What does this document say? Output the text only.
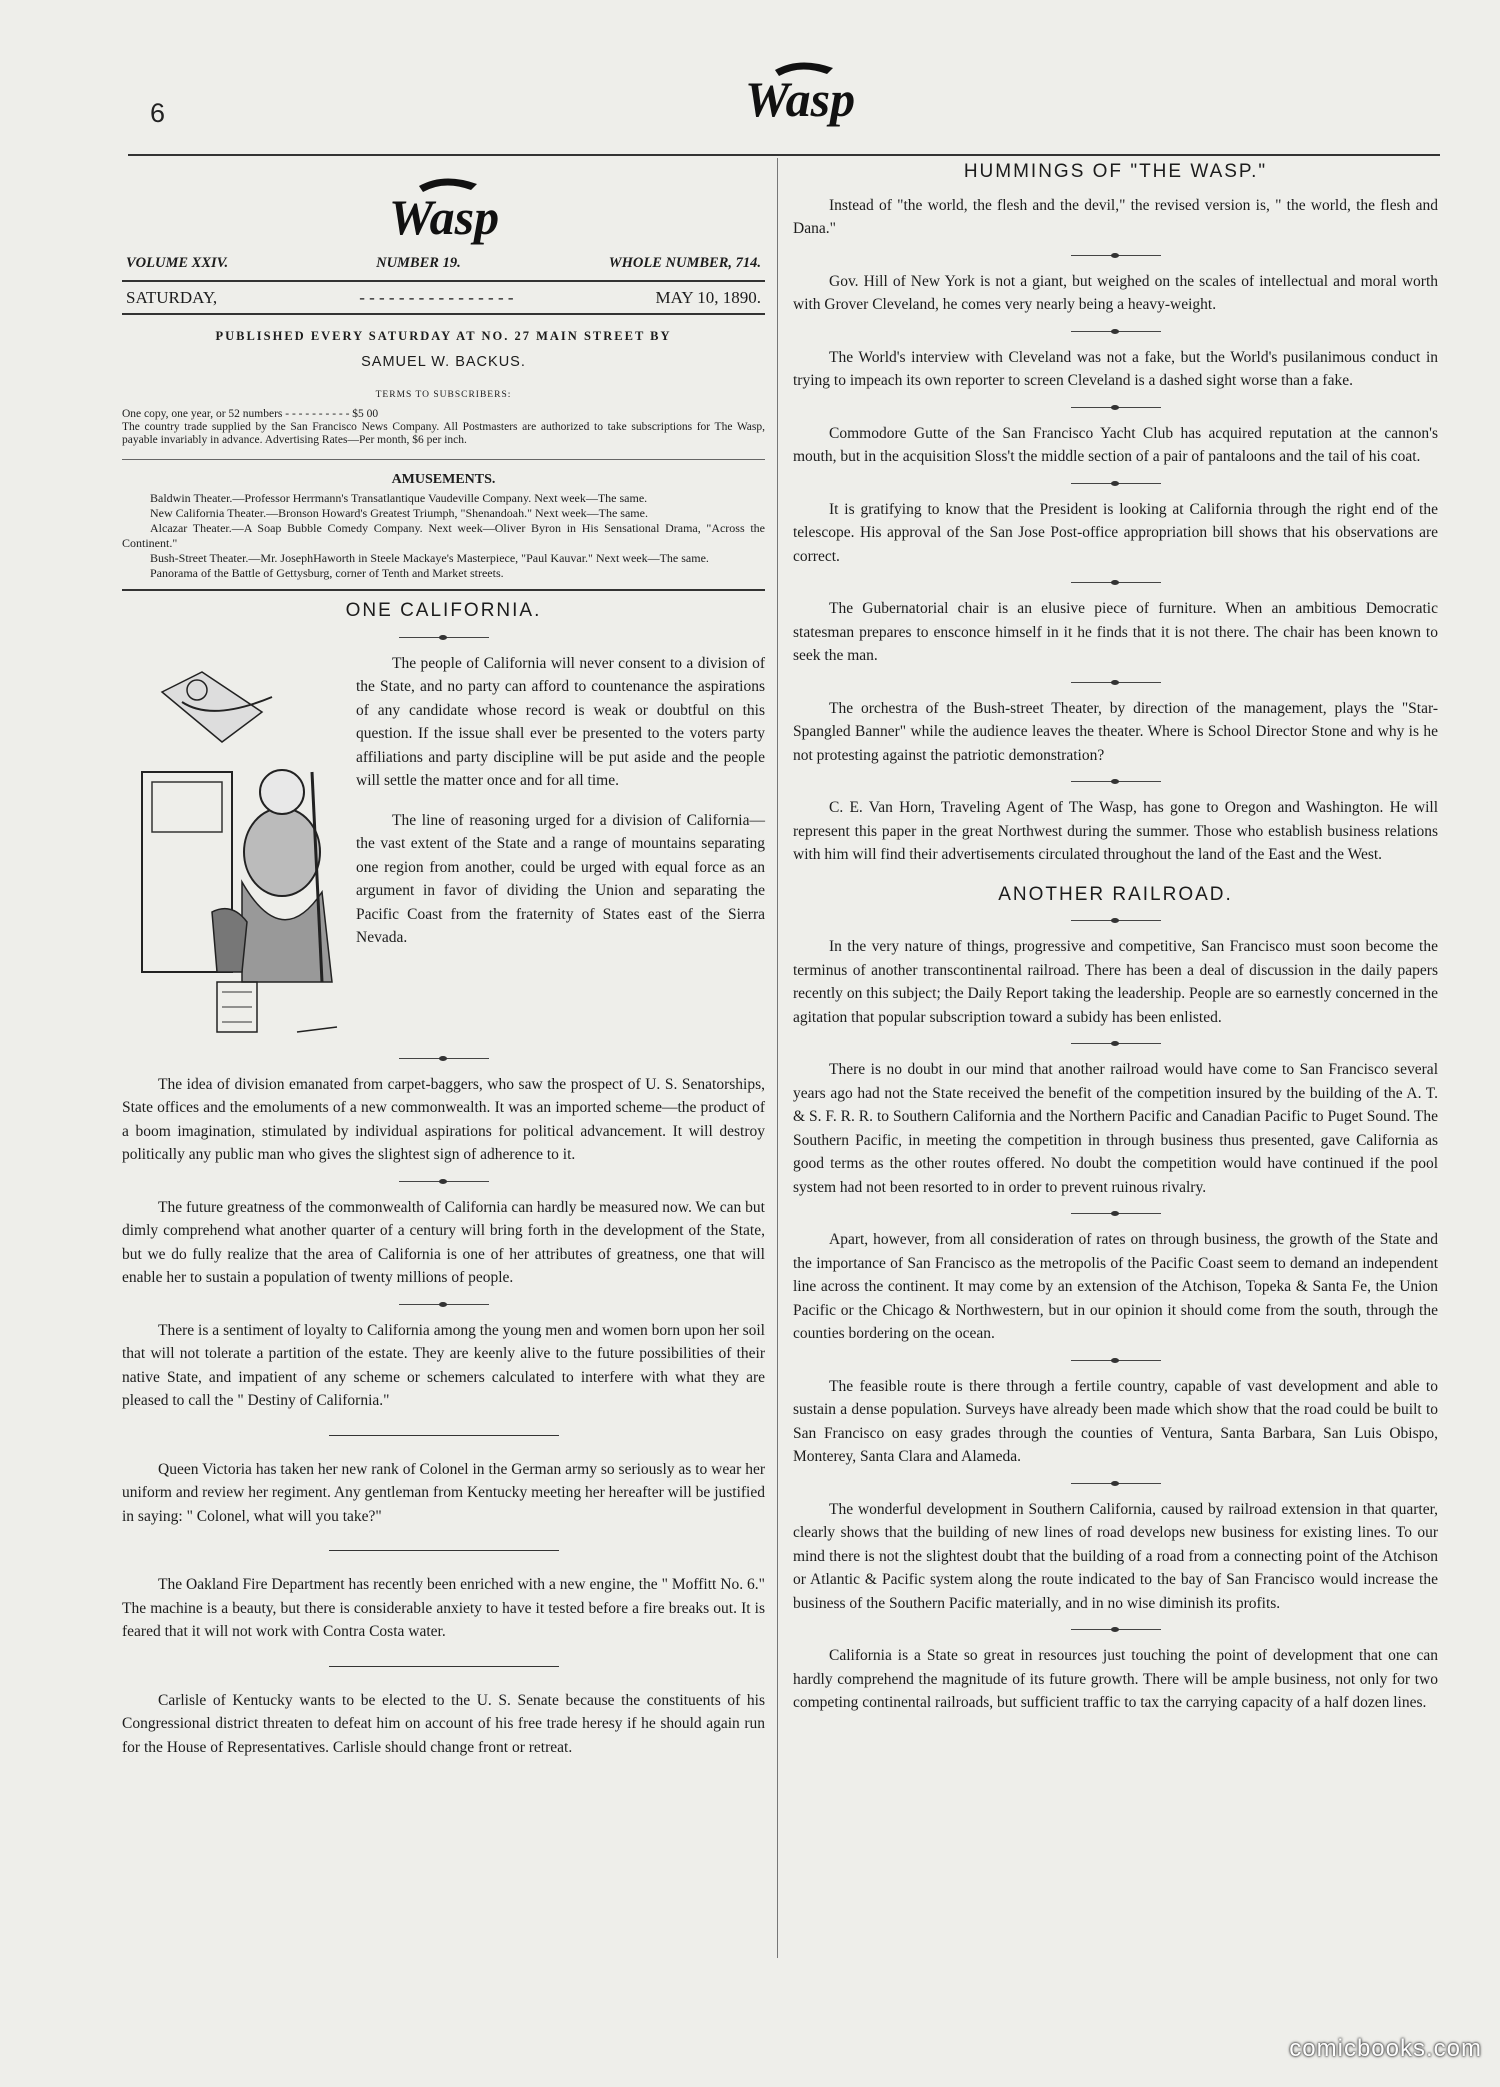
6	Wasp
Wasp
VOLUME XXIV.	NUMBER 19.	WHOLE NUMBER, 714.
SATURDAY,	- - - - - - - - - - - - - - - -	MAY 10, 1890.
PUBLISHED EVERY SATURDAY AT NO. 27 MAIN STREET BY
SAMUEL W. BACKUS.
TERMS TO SUBSCRIBERS:

One copy, one year, or 52 numbers - - - - - - - - - - $5 00

The country trade supplied by the San Francisco News Company. All Postmasters are authorized to take subscriptions for The Wasp, payable invariably in advance. Advertising Rates—Per month, $6 per inch.

AMUSEMENTS.

Baldwin Theater.—Professor Herrmann's Transatlantique Vaudeville Company. Next week—The same.

New California Theater.—Bronson Howard's Greatest Triumph, "Shenandoah." Next week—The same.

Alcazar Theater.—A Soap Bubble Comedy Company. Next week—Oliver Byron in His Sensational Drama, "Across the Continent."

Bush-Street Theater.—Mr. JosephHaworth in Steele Mackaye's Masterpiece, "Paul Kauvar." Next week—The same.

Panorama of the Battle of Gettysburg, corner of Tenth and Market streets.

ONE CALIFORNIA.

The people of California will never consent to a division of the State, and no party can afford to countenance the aspirations of any candidate whose record is weak or doubtful on this question. If the issue shall ever be presented to the voters party affiliations and party discipline will be put aside and the people will settle the matter once and for all time.

The line of reasoning urged for a division of California—the vast extent of the State and a range of mountains separating one region from another, could be urged with equal force as an argument in favor of dividing the Union and separating the Pacific Coast from the fraternity of States east of the Sierra Nevada.

The idea of division emanated from carpet-baggers, who saw the prospect of U. S. Senatorships, State offices and the emoluments of a new commonwealth. It was an imported scheme—the product of a boom imagination, stimulated by individual aspirations for political advancement. It will destroy politically any public man who gives the slightest sign of adherence to it.

The future greatness of the commonwealth of California can hardly be measured now. We can but dimly comprehend what another quarter of a century will bring forth in the development of the State, but we do fully realize that the area of California is one of her attributes of greatness, one that will enable her to sustain a population of twenty millions of people.

There is a sentiment of loyalty to California among the young men and women born upon her soil that will not tolerate a partition of the estate. They are keenly alive to the future possibilities of their native State, and impatient of any scheme or schemers calculated to interfere with what they are pleased to call the " Destiny of California."

Queen Victoria has taken her new rank of Colonel in the German army so seriously as to wear her uniform and review her regiment. Any gentleman from Kentucky meeting her hereafter will be justified in saying: " Colonel, what will you take?"

The Oakland Fire Department has recently been enriched with a new engine, the " Moffitt No. 6." The machine is a beauty, but there is considerable anxiety to have it tested before a fire breaks out. It is feared that it will not work with Contra Costa water.

Carlisle of Kentucky wants to be elected to the U. S. Senate because the constituents of his Congressional district threaten to defeat him on account of his free trade heresy if he should again run for the House of Representatives. Carlisle should change front or retreat.

HUMMINGS OF "THE WASP."

Instead of "the world, the flesh and the devil," the revised version is, " the world, the flesh and Dana."

Gov. Hill of New York is not a giant, but weighed on the scales of intellectual and moral worth with Grover Cleveland, he comes very nearly being a heavy-weight.

The World's interview with Cleveland was not a fake, but the World's pusilanimous conduct in trying to impeach its own reporter to screen Cleveland is a dashed sight worse than a fake.

Commodore Gutte of the San Francisco Yacht Club has acquired reputation at the cannon's mouth, but in the acquisition Sloss't the middle section of a pair of pantaloons and the tail of his coat.

It is gratifying to know that the President is looking at California through the right end of the telescope. His approval of the San Jose Post-office appropriation bill shows that his observations are correct.

The Gubernatorial chair is an elusive piece of furniture. When an ambitious Democratic statesman prepares to ensconce himself in it he finds that it is not there. The chair has been known to seek the man.

The orchestra of the Bush-street Theater, by direction of the management, plays the "Star-Spangled Banner" while the audience leaves the theater. Where is School Director Stone and why is he not protesting against the patriotic demonstration?

C. E. Van Horn, Traveling Agent of The Wasp, has gone to Oregon and Washington. He will represent this paper in the great Northwest during the summer. Those who establish business relations with him will find their advertisements circulated throughout the land of the East and the West.

ANOTHER RAILROAD.

In the very nature of things, progressive and competitive, San Francisco must soon become the terminus of another transcontinental railroad. There has been a deal of discussion in the daily papers recently on this subject; the Daily Report taking the leadership. People are so earnestly concerned in the agitation that popular subscription toward a subidy has been enlisted.

There is no doubt in our mind that another railroad would have come to San Francisco several years ago had not the State received the benefit of the competition insured by the building of the A. T. & S. F. R. R. to Southern California and the Northern Pacific and Canadian Pacific to Puget Sound. The Southern Pacific, in meeting the competition in through business thus presented, gave California as good terms as the other routes offered. No doubt the competition would have continued if the pool system had not been resorted to in order to prevent ruinous rivalry.

Apart, however, from all consideration of rates on through business, the growth of the State and the importance of San Francisco as the metropolis of the Pacific Coast seem to demand an independent line across the continent. It may come by an extension of the Atchison, Topeka & Santa Fe, the Union Pacific or the Chicago & Northwestern, but in our opinion it should come from the south, through the counties bordering on the ocean.

The feasible route is there through a fertile country, capable of vast development and able to sustain a dense population. Surveys have already been made which show that the road could be built to San Francisco on easy grades through the counties of Ventura, Santa Barbara, San Luis Obispo, Monterey, Santa Clara and Alameda.

The wonderful development in Southern California, caused by railroad extension in that quarter, clearly shows that the building of new lines of road develops new business for existing lines. To our mind there is not the slightest doubt that the building of a road from a connecting point of the Atchison or Atlantic & Pacific system along the route indicated to the bay of San Francisco would increase the business of the Southern Pacific materially, and in no wise diminish its profits.

California is a State so great in resources just touching the point of development that one can hardly comprehend the magnitude of its future growth. There will be ample business, not only for two competing continental railroads, but sufficient traffic to tax the carrying capacity of a half dozen lines.

comicbooks.com
